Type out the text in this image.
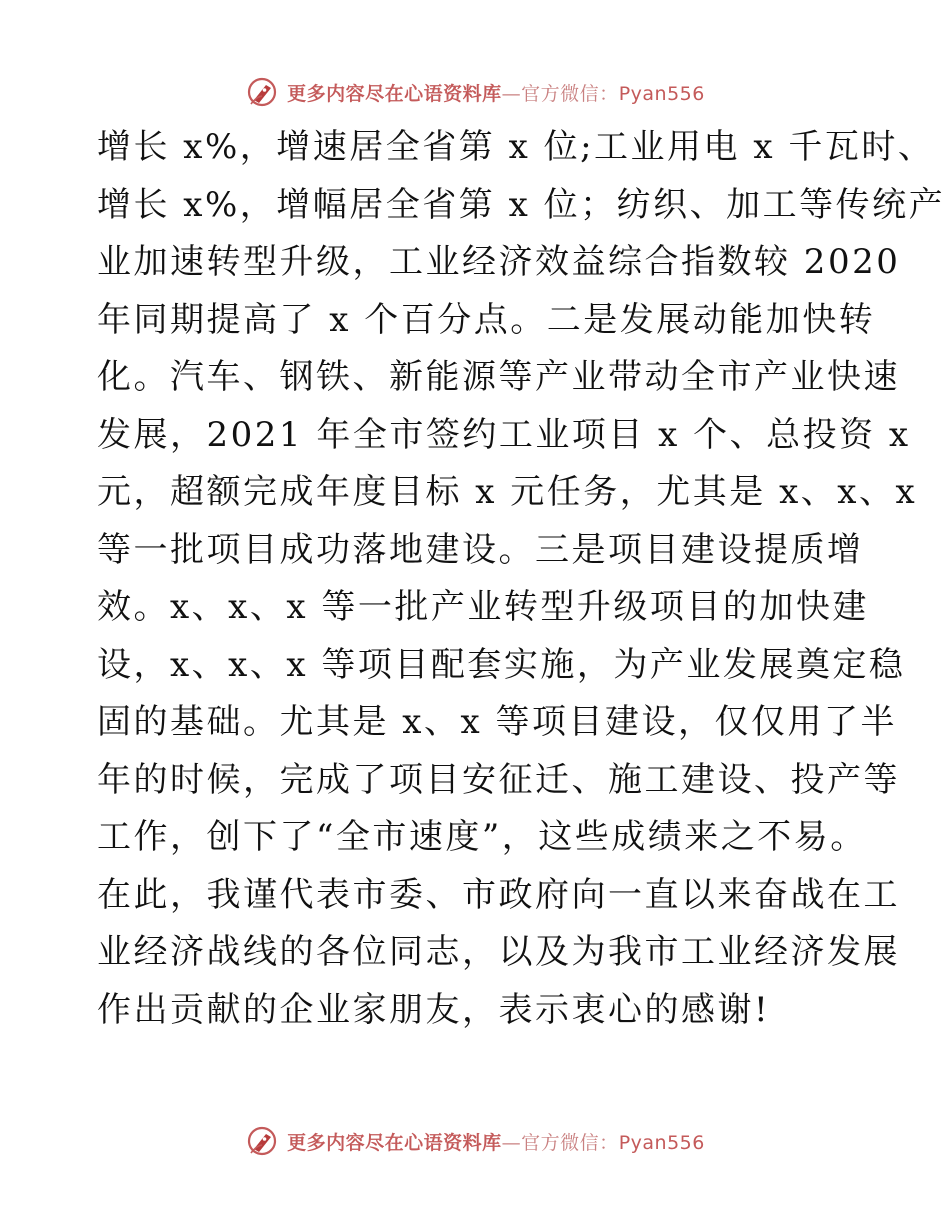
更多内容尽在心语资料库—官方微信：Pyan556
增长 x%，增速居全省第 x 位;工业用电 x 千瓦时、
增长 x%，增幅居全省第 x 位；纺织、加工等传统产
业加速转型升级，工业经济效益综合指数较 2020
年同期提高了 x 个百分点。二是发展动能加快转
化。汽车、钢铁、新能源等产业带动全市产业快速
发展，2021 年全市签约工业项目 x 个、总投资 x
元，超额完成年度目标 x 元任务，尤其是 x、x、x
等一批项目成功落地建设。三是项目建设提质增
效。x、x、x 等一批产业转型升级项目的加快建
设，x、x、x 等项目配套实施，为产业发展奠定稳
固的基础。尤其是 x、x 等项目建设，仅仅用了半
年的时候，完成了项目安征迁、施工建设、投产等
工作，创下了“全市速度”，这些成绩来之不易。
在此，我谨代表市委、市政府向一直以来奋战在工
业经济战线的各位同志，以及为我市工业经济发展
作出贡献的企业家朋友，表示衷心的感谢!
更多内容尽在心语资料库—官方微信：Pyan556
